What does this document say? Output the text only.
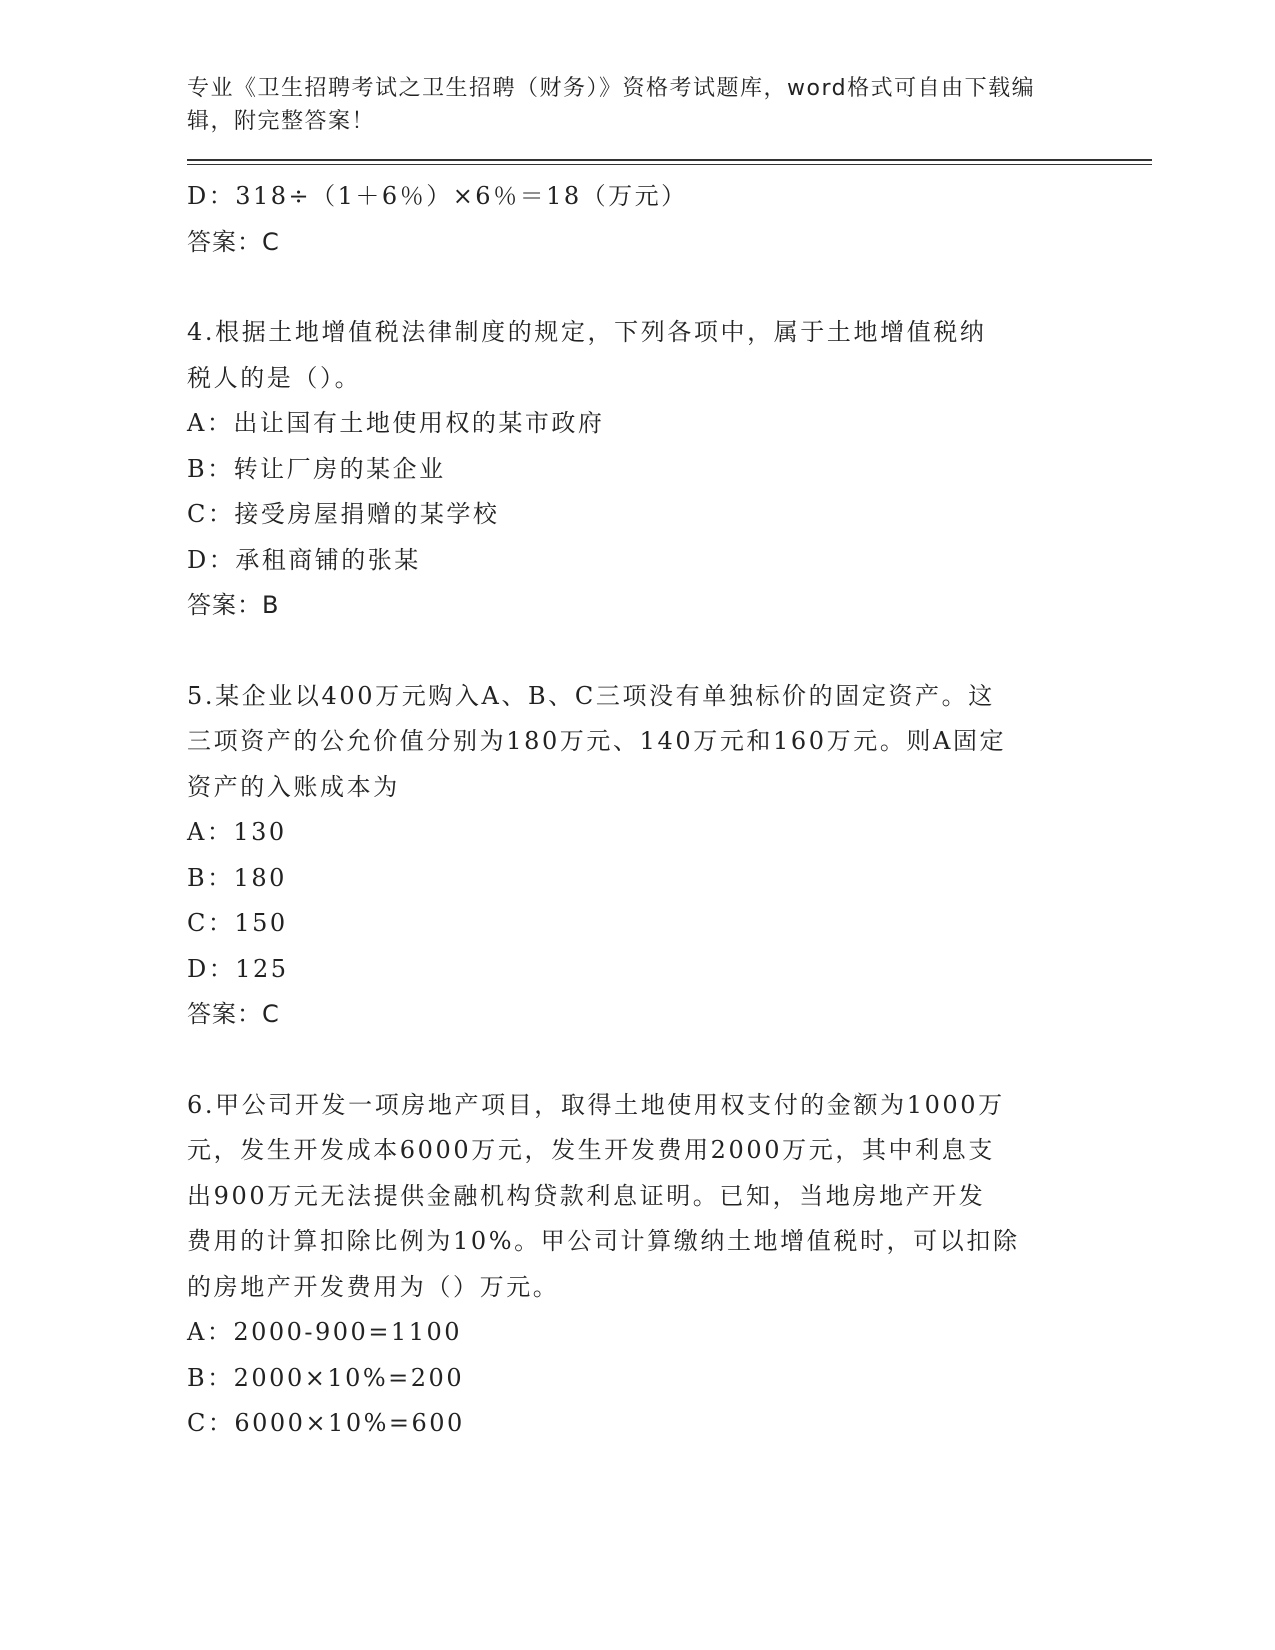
专业《卫生招聘考试之卫生招聘（财务）》资格考试题库，word格式可自由下载编辑，附完整答案！

D：318÷（1＋6％）×6％＝18（万元）
答案：C
4.根据土地增值税法律制度的规定，下列各项中，属于土地增值税纳
税人的是（）。
A：出让国有土地使用权的某市政府
B：转让厂房的某企业
C：接受房屋捐赠的某学校
D：承租商铺的张某
答案：B
5.某企业以400万元购入A、B、C三项没有单独标价的固定资产。这
三项资产的公允价值分别为180万元、140万元和160万元。则A固定
资产的入账成本为
A：130
B：180
C：150
D：125
答案：C
6.甲公司开发一项房地产项目，取得土地使用权支付的金额为1000万
元，发生开发成本6000万元，发生开发费用2000万元，其中利息支
出900万元无法提供金融机构贷款利息证明。已知，当地房地产开发
费用的计算扣除比例为10%。甲公司计算缴纳土地增值税时，可以扣除
的房地产开发费用为（）万元。
A：2000-900=1100
B：2000×10%=200
C：6000×10%=600
